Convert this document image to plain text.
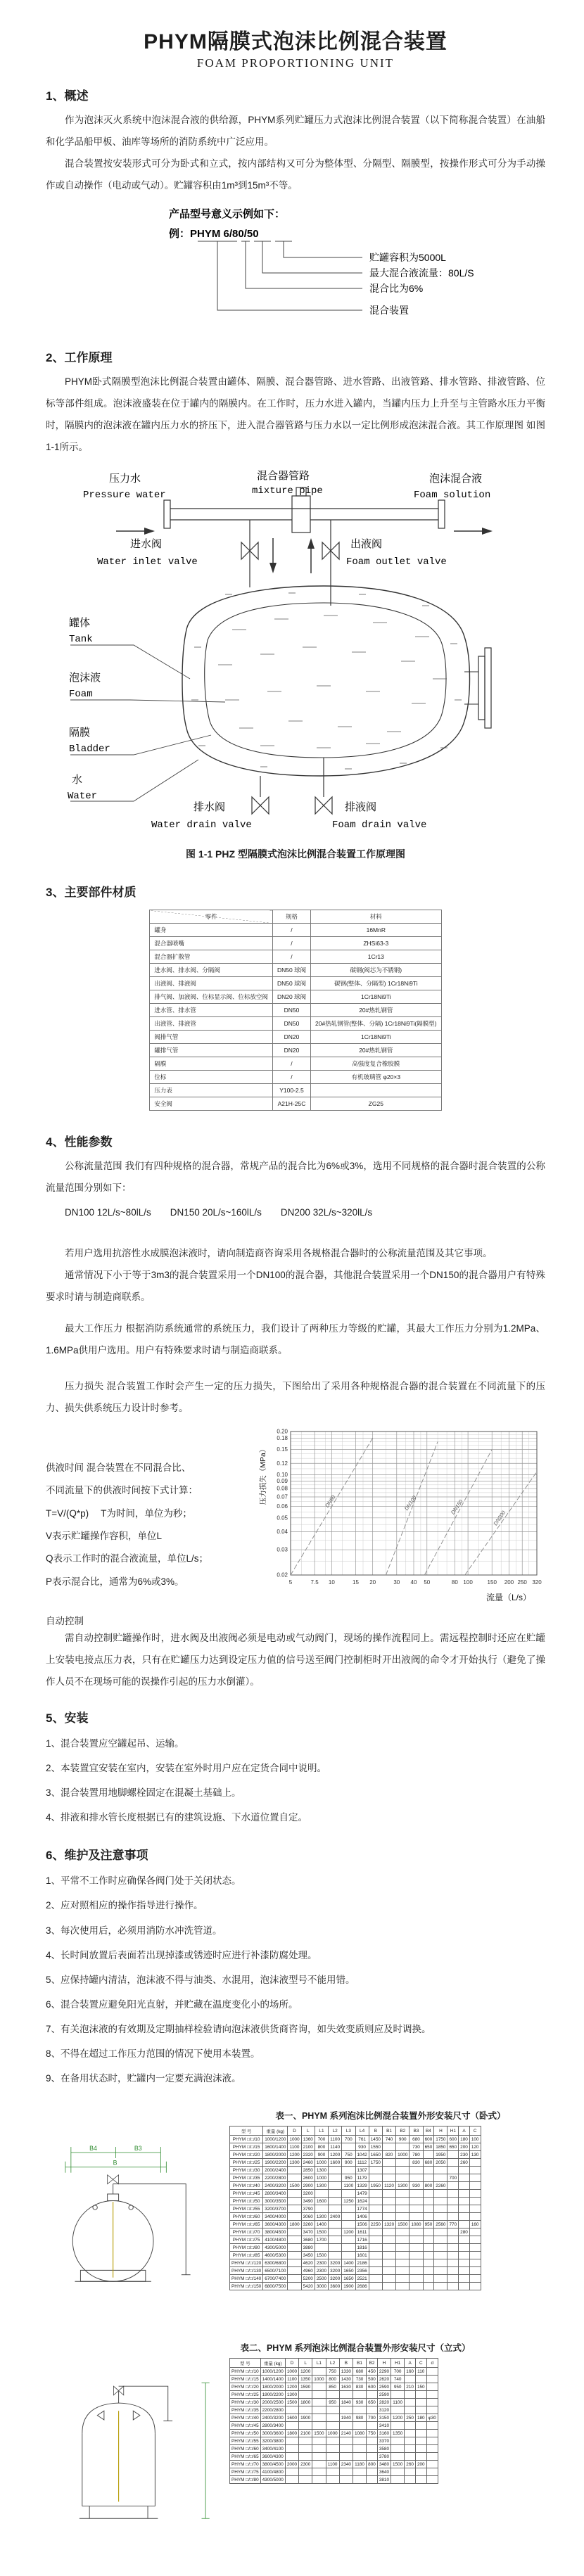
PHYM隔膜式泡沫比例混合装置
FOAM PROPORTIONING UNIT
1、概述

作为泡沫灭火系统中泡沫混合液的供给源，PHYM系列贮罐压力式泡沫比例混合装置（以下简称混合装置）在油船和化学品船甲板、油库等场所的消防系统中广泛应用。

混合装置按安装形式可分为卧式和立式，按内部结构又可分为整体型、分隔型、隔膜型，按操作形式可分为手动操作或自动操作（电动或气动）。贮罐容积由1m³到15m³不等。

产品型号意义示例如下：
例：PHYM 6/80/50
贮罐容积为5000L
最大混合液流量：80L/S
混合比为6%
混合装置
2、工作原理

PHYM卧式隔膜型泡沫比例混合装置由罐体、隔膜、混合器管路、进水管路、出液管路、排水管路、排液管路、位标等部件组成。泡沫液盛装在位于罐内的隔膜内。在工作时，压力水进入罐内，当罐内压力上升至与主管路水压力平衡时，隔膜内的泡沫液在罐内压力水的挤压下，进入混合器管路与压力水以一定比例形成泡沫混合液。其工作原理图 如图1-1所示。

压力水
Pressure water
混合器管路
mixture pipe
泡沫混合液
Foam solution
进水阀
Water inlet valve
出液阀
Foam outlet valve
罐体
Tank
泡沫液
Foam
隔膜
Bladder
水
Water
排水阀
Water drain valve
排液阀
Foam drain valve
图 1-1 PHZ 型隔膜式泡沫比例混合装置工作原理图
3、主要部件材质
零件	规格	材料
罐身	/	16MnR
混合器喷嘴	/	ZHSi63-3
混合器扩散管	/	1Cr13
进水阀、排水阀、分隔阀	DN50 球阀	碳钢(阀芯为不锈钢)
出液阀、排液阀	DN50 球阀	碳钢(整体、分隔型) 1Cr18Ni9Ti
排气阀、加液阀、位标显示阀、位标放空阀	DN20 球阀	1Cr18Ni9Ti
进水管、排水管	DN50	20#热轧钢管
出液管、排液管	DN50	20#热轧钢管(整体、分隔) 1Cr18Ni9Ti(隔膜型)
阀排气管	DN20	1Cr18Ni9Ti
罐排气管	DN20	20#热轧钢管
隔膜	/	高强度复合橡胶膜
位标	/	有机玻璃管 φ20×3
压力表	Y100-2.5	
安全阀	A21H-25C	ZG25
4、性能参数

公称流量范围 我们有四种规格的混合器，常规产品的混合比为6%或3%，选用不同规格的混合器时混合装置的公称流量范围分别如下：

DN100 12L/s~80lL/s　　DN150 20L/s~160lL/s　　DN200 32L/s~320lL/s

若用户选用抗溶性水成膜泡沫液时，请向制造商咨询采用各规格混合器时的公称流量范围及其它事项。

通常情况下小于等于3m3的混合装置采用一个DN100的混合器，其他混合装置采用一个DN150的混合器用户有特殊要求时请与制造商联系。

最大工作压力 根据消防系统通常的系统压力，我们设计了两种压力等级的贮罐，其最大工作压力分别为1.2MPa、1.6MPa供用户选用。用户有特殊要求时请与制造商联系。

压力损失 混合装置工作时会产生一定的压力损失，下图给出了采用各种规格混合器的混合装置在不同流量下的压力、损失供系统压力设计时参考。

供液时间 混合装置在不同混合比、
不同流量下的供液时间按下式计算：
T=V/(Q*p)　 T为时间，单位为秒；
V表示贮罐操作容积，单位L
Q表示工作时的混合液流量，单位L/s；
P表示混合比，通常为6%或3%。	5	7.5 10	15 20	30 40 50	80 100	150 200 250 320
0.02
0.03
0.04
0.05
0.06
0.07
0.08
0.09
0.10
0.12
0.15
0.18
0.20
DN80	DN100	DN150
DN200
流量（L/s）
压力损失（MPa）

自动控制

需自动控制贮罐操作时，进水阀及出液阀必须是电动或气动阀门，现场的操作流程同上。需远程控制时还应在贮罐上安装电接点压力表，只有在贮罐压力达到设定压力值的信号送至阀门控制柜时开出液阀的命令才开始执行（避免了操作人员不在现场可能的误操作引起的压力水倒灌）。

5、安装
1、混合装置应空罐起吊、运输。
2、本装置宜安装在室内，安装在室外时用户应在定货合同中说明。
3、混合装置用地脚螺栓固定在混凝土基础上。
4、排液和排水管长度根据已有的建筑设施、下水道位置自定。
6、维护及注意事项
1、平常不工作时应确保各阀门处于关闭状态。
2、应对照相应的操作指导进行操作。
3、每次使用后，必须用消防水冲洗管道。
4、长时间放置后表面若出现掉漆或锈迹时应进行补漆防腐处理。
5、应保持罐内清洁，泡沫液不得与油类、水混用，泡沫液型号不能用错。
6、混合装置应避免阳光直射，并贮藏在温度变化小的场所。
7、有关泡沫液的有效期及定期抽样检验请向泡沫液供货商咨询，如失效变质则应及时调换。
8、不得在超过工作压力范围的情况下使用本装置。
9、在备用状态时，贮罐内一定要充满泡沫液。
表一、PHYM 系列泡沫比例混合装置外形安装尺寸（卧式）
B4	B3
B
型 号	重量 (kg)	D	L	L1	L2	L3	L4	B	B1	B2	B3	B4	H	H1	A	C
PHYM □/□/10	1000/1200	1000	1360	700	1100	700	761	1450	740	900	680	600	1750	600	180	100
PHYM □/□/15	1600/1400	1100	2100	800	1140		930	1550			730	650	1850	650	200	120
PHYM □/□/20	1800/2000	1200	2320	900	1200	750	1042	1650	820	1000	780		1950		230	130
PHYM □/□/25	1900/2200	1300	2460	1000	1600	900	1112	1750			830	680	2050		260	
PHYM □/□/30	2000/2400		2850	1300			1307									
PHYM □/□/35	2200/2800		2600	1000		950	1179							700		
PHYM □/□/40	2400/3200	1500	2900	1300		1100	1329	1950	1120	1300	930	800	2260			
PHYM □/□/45	2800/3400		3200				1479									
PHYM □/□/50	3000/3500		3490	1600		1250	1624									
PHYM □/□/55	3200/3700		3790				1774									
PHYM □/□/60	3400/4000		3060	1300	2400		1406									
PHYM □/□/65	3600/4300	1800	3260	1400			1506	2250	1320	1500	1080	950	2560	770		160
PHYM □/□/70	3800/4500		3470	1500		1200	1611								280	
PHYM □/□/75	4100/4800		3680	1700			1716									
PHYM □/□/80	4300/5000		3880				1816									
PHYM □/□/85	4600/5300		3450	1500			1601									
PHYM □/□/120	6300/6800		4620	2300	3200	1400	2186									
PHYM □/□/130	6500/7100		4960	2300	3200	1650	2356									
PHYM □/□/140	6700/7400		5200	2500	3200	1650	2521									
PHYM □/□/150	6800/7500		5420	3000	3600	1900	2686									
表二、PHYM 系列泡沫比例混合装置外形安装尺寸（立式）
型 号	重量 (kg)	D	L	L1	L2	B	B1	B2	H	H1	A	C	d
PHYM □/□/10	1000/1200	1000	1200		750	1330	680	450	2290	700	160	110	
PHYM □/□/15	1400/1400	1100	1350	1000	800	1430	730	500	2620	740			
PHYM □/□/20	1800/2000	1200	1590		850	1630	830	600	2590	950	210	150	
PHYM □/□/25	1900/2200	1300							2590				
PHYM □/□/30	2000/2500	1500	1800		950	1840	930	650	2820	1100			
PHYM □/□/35	2200/2800								3120				
PHYM □/□/40	2400/3200	1600	1900			1940	980	700	3150	1200	250	180	φ30
PHYM □/□/45	2800/3400								3410				
PHYM □/□/50	3000/3600	1800	2100	1500	1000	2140	1080	750	3160	1350			
PHYM □/□/55	3200/3800								3370				
PHYM □/□/60	3400/4100								3580				
PHYM □/□/65	3600/4300								3780				
PHYM □/□/70	3800/4500	2000	2300		1100	2340	1180	800	3480	1500	260	200	
PHYM □/□/75	4100/4800								3640				
PHYM □/□/80	4300/5000								3810				
